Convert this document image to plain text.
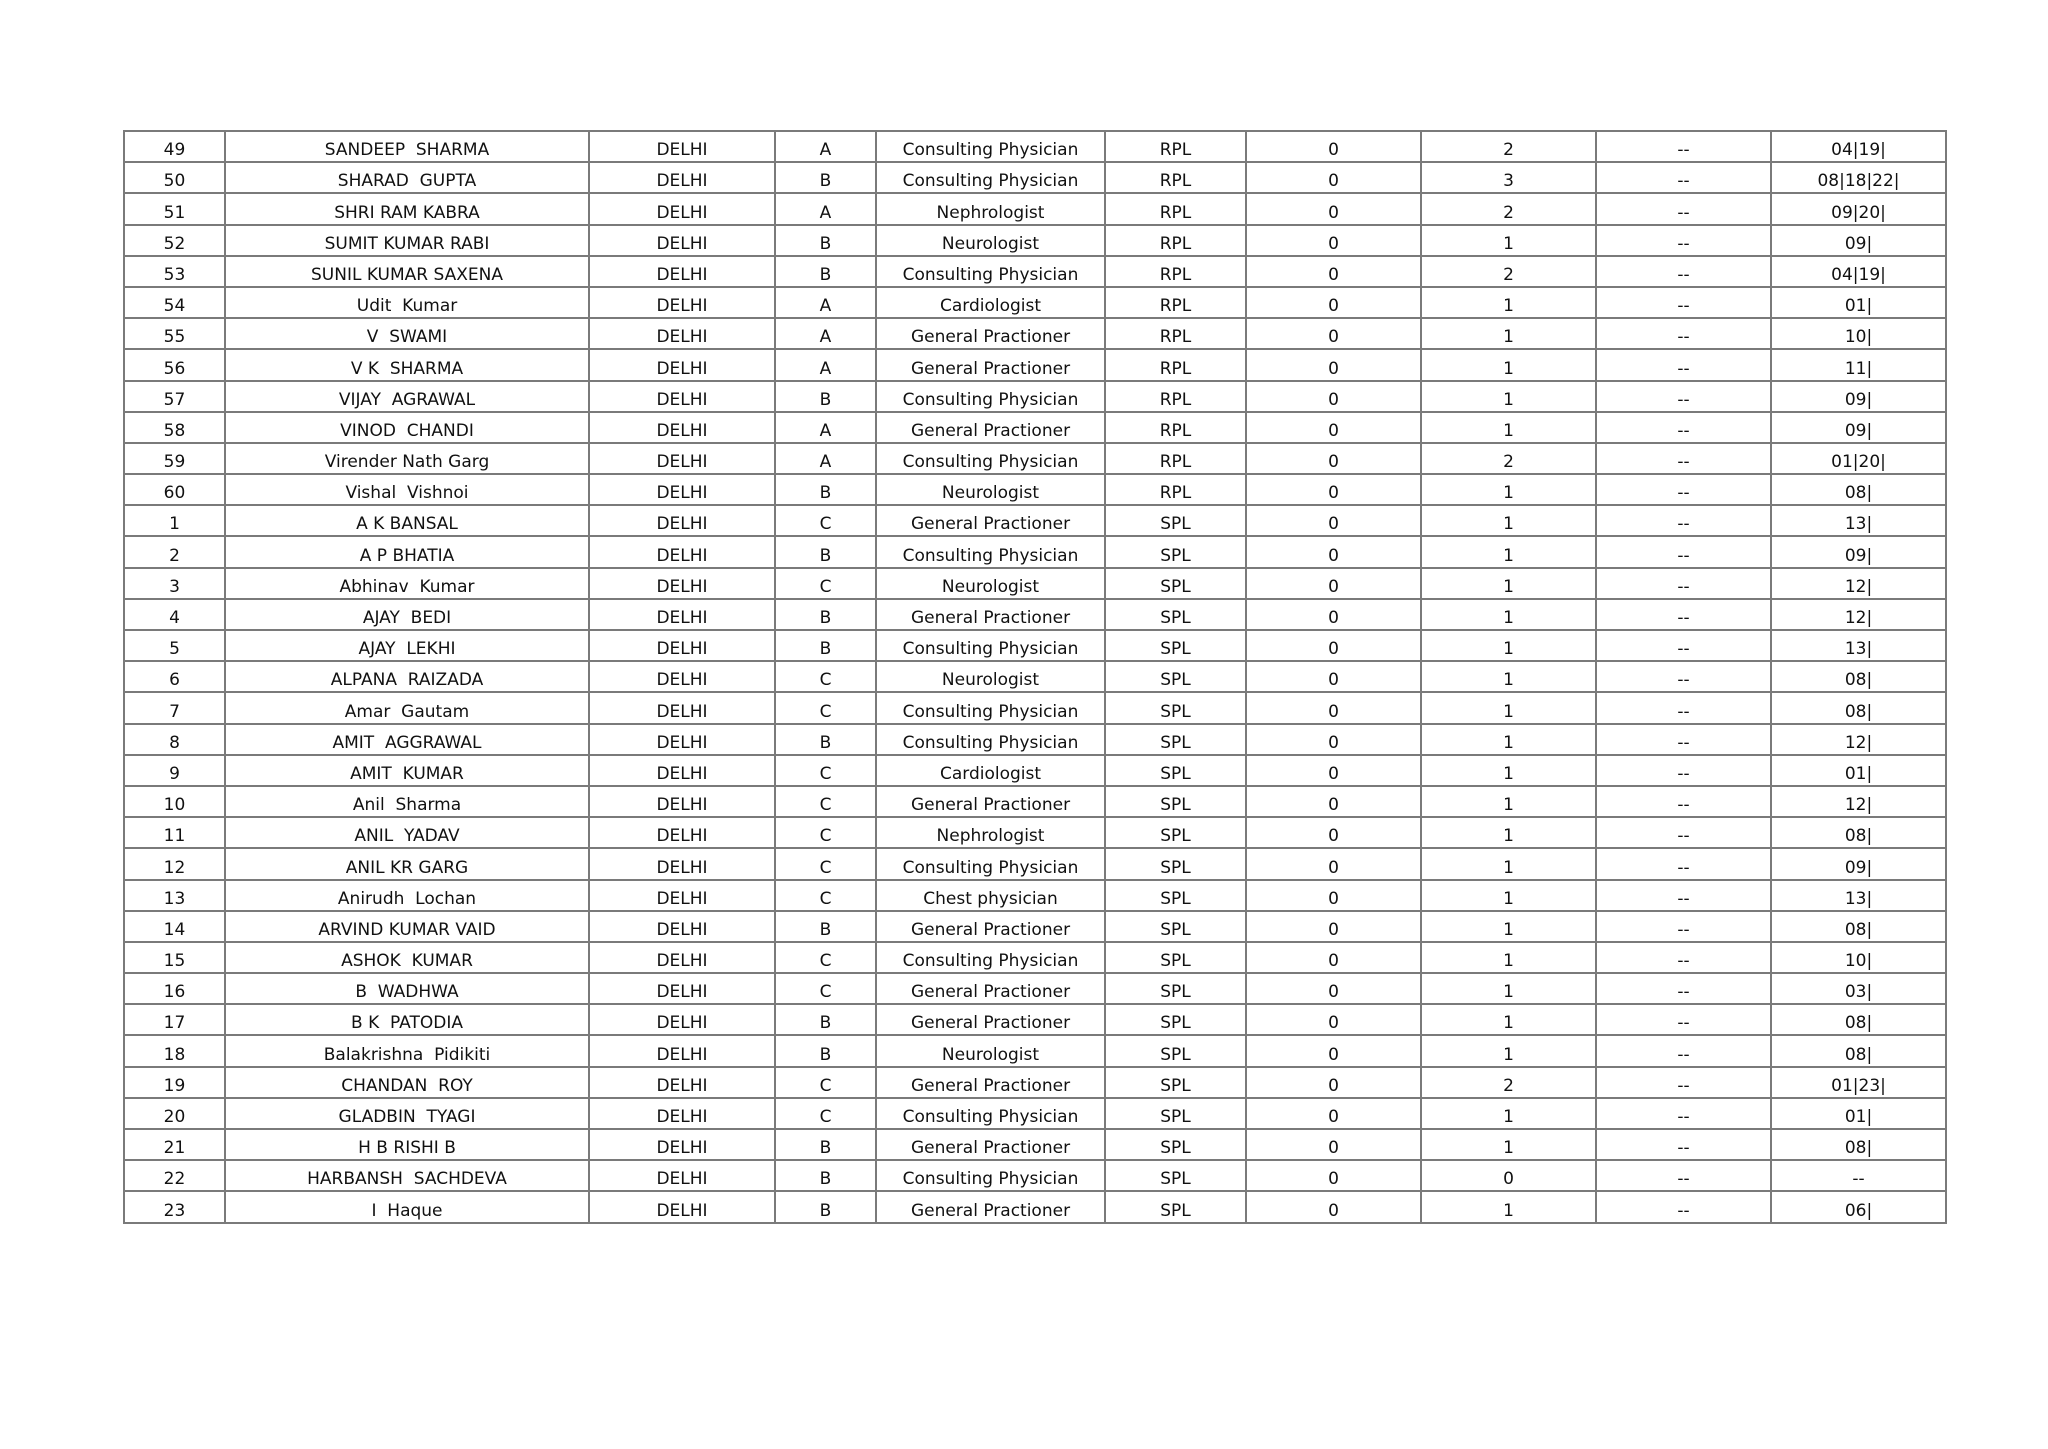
49	SANDEEP  SHARMA	DELHI	A	Consulting Physician	RPL	0	2	--	04|19|
50	SHARAD  GUPTA	DELHI	B	Consulting Physician	RPL	0	3	--	08|18|22|
51	SHRI RAM KABRA	DELHI	A	Nephrologist	RPL	0	2	--	09|20|
52	SUMIT KUMAR RABI	DELHI	B	Neurologist	RPL	0	1	--	09|
53	SUNIL KUMAR SAXENA	DELHI	B	Consulting Physician	RPL	0	2	--	04|19|
54	Udit  Kumar	DELHI	A	Cardiologist	RPL	0	1	--	01|
55	V  SWAMI	DELHI	A	General Practioner	RPL	0	1	--	10|
56	V K  SHARMA	DELHI	A	General Practioner	RPL	0	1	--	11|
57	VIJAY  AGRAWAL	DELHI	B	Consulting Physician	RPL	0	1	--	09|
58	VINOD  CHANDI	DELHI	A	General Practioner	RPL	0	1	--	09|
59	Virender Nath Garg	DELHI	A	Consulting Physician	RPL	0	2	--	01|20|
60	Vishal  Vishnoi	DELHI	B	Neurologist	RPL	0	1	--	08|
1	A K BANSAL	DELHI	C	General Practioner	SPL	0	1	--	13|
2	A P BHATIA	DELHI	B	Consulting Physician	SPL	0	1	--	09|
3	Abhinav  Kumar	DELHI	C	Neurologist	SPL	0	1	--	12|
4	AJAY  BEDI	DELHI	B	General Practioner	SPL	0	1	--	12|
5	AJAY  LEKHI	DELHI	B	Consulting Physician	SPL	0	1	--	13|
6	ALPANA  RAIZADA	DELHI	C	Neurologist	SPL	0	1	--	08|
7	Amar  Gautam	DELHI	C	Consulting Physician	SPL	0	1	--	08|
8	AMIT  AGGRAWAL	DELHI	B	Consulting Physician	SPL	0	1	--	12|
9	AMIT  KUMAR	DELHI	C	Cardiologist	SPL	0	1	--	01|
10	Anil  Sharma	DELHI	C	General Practioner	SPL	0	1	--	12|
11	ANIL  YADAV	DELHI	C	Nephrologist	SPL	0	1	--	08|
12	ANIL KR GARG	DELHI	C	Consulting Physician	SPL	0	1	--	09|
13	Anirudh  Lochan	DELHI	C	Chest physician	SPL	0	1	--	13|
14	ARVIND KUMAR VAID	DELHI	B	General Practioner	SPL	0	1	--	08|
15	ASHOK  KUMAR	DELHI	C	Consulting Physician	SPL	0	1	--	10|
16	B  WADHWA	DELHI	C	General Practioner	SPL	0	1	--	03|
17	B K  PATODIA	DELHI	B	General Practioner	SPL	0	1	--	08|
18	Balakrishna  Pidikiti	DELHI	B	Neurologist	SPL	0	1	--	08|
19	CHANDAN  ROY	DELHI	C	General Practioner	SPL	0	2	--	01|23|
20	GLADBIN  TYAGI	DELHI	C	Consulting Physician	SPL	0	1	--	01|
21	H B RISHI B	DELHI	B	General Practioner	SPL	0	1	--	08|
22	HARBANSH  SACHDEVA	DELHI	B	Consulting Physician	SPL	0	0	--	--
23	I  Haque	DELHI	B	General Practioner	SPL	0	1	--	06|
